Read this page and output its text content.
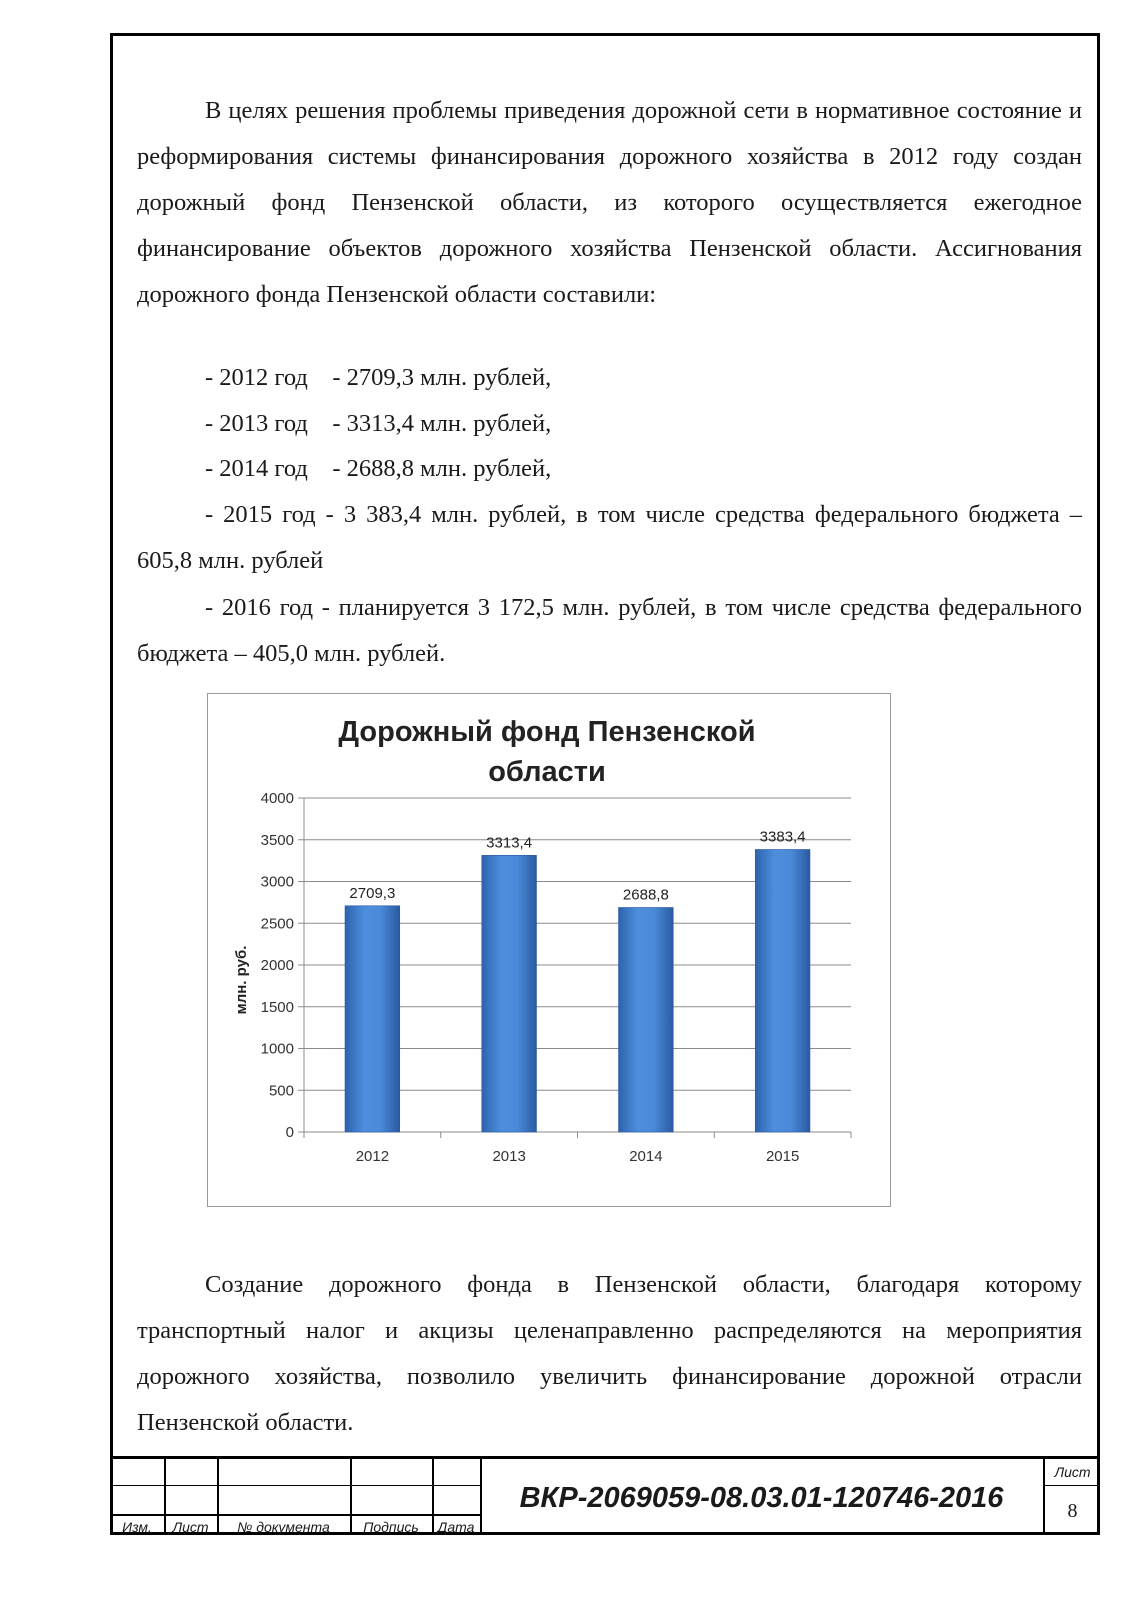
В целях решения проблемы приведения дорожной сети в нормативное состояние и реформирования системы финансирования дорожного хозяйства в 2012 году создан дорожный фонд Пензенской области, из которого осуществляется ежегодное финансирование объектов дорожного хозяйства Пензенской области. Ассигнования дорожного фонда Пензенской области составили:

- 2012 год    - 2709,3 млн. рублей,
- 2013 год    - 3313,4 млн. рублей,
- 2014 год    - 2688,8 млн. рублей,

- 2015 год - 3 383,4 млн. рублей, в том числе средства федерального бюджета – 605,8 млн. рублей

- 2016 год - планируется 3 172,5 млн. рублей, в том числе средства федерального бюджета – 405,0 млн. рублей.

Дорожный фонд Пензенской
области
млн. руб.
0
500
1000
1500
2000
2500
3000
3500
4000
2709,3
2012
3313,4
2013
2688,8
2014
3383,4
2015

Создание дорожного фонда в Пензенской области, благодаря которому транспортный налог и акцизы целенаправленно распределяются на мероприятия дорожного хозяйства, позволило увеличить финансирование дорожной отрасли Пензенской области.

Изм.	Лист	№ документа	Подпись	Дата
ВКР-2069059-08.03.01-120746-2016
Лист
8
